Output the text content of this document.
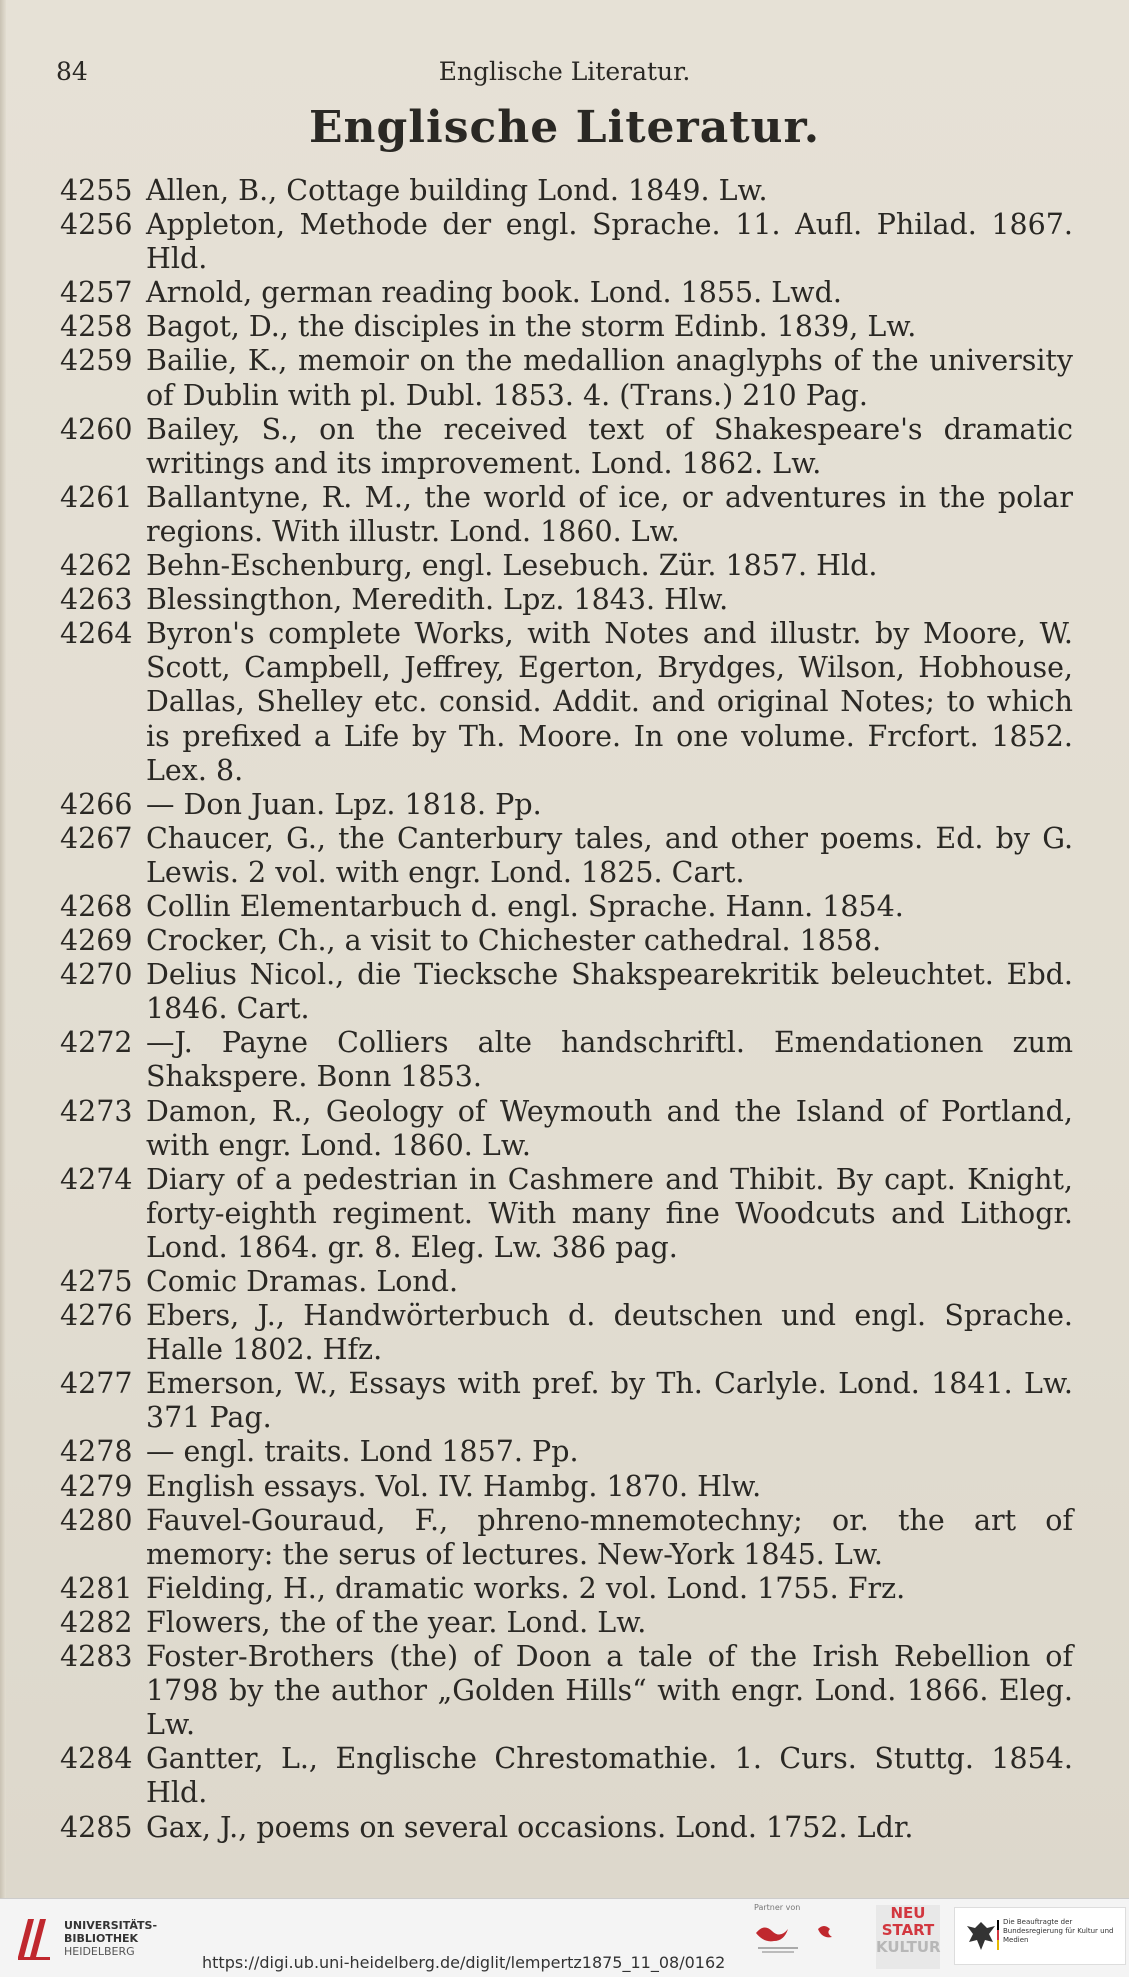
84	Englische Literatur.
Englische Literatur.
4255 Allen, B., Cottage building Lond. 1849. Lw.
4256 Appleton, Methode der engl. Sprache. 11. Aufl. Philad. 1867. Hld.
4257 Arnold, german reading book. Lond. 1855. Lwd.
4258 Bagot, D., the disciples in the storm Edinb. 1839, Lw.
4259 Bailie, K., memoir on the medallion anaglyphs of the university of Dublin with pl. Dubl. 1853. 4. (Trans.) 210 Pag.
4260 Bailey, S., on the received text of Shakespeare's dramatic writings and its improvement. Lond. 1862. Lw.
4261 Ballantyne, R. M., the world of ice, or adventures in the polar regions. With illustr. Lond. 1860. Lw.
4262 Behn-Eschenburg, engl. Lesebuch. Zür. 1857. Hld.
4263 Blessingthon, Meredith. Lpz. 1843. Hlw.
4264 Byron's complete Works, with Notes and illustr. by Moore, W. Scott, Campbell, Jeffrey, Egerton, Brydges, Wilson, Hobhouse, Dallas, Shelley etc. consid. Addit. and original Notes; to which is prefixed a Life by Th. Moore. In one volume. Frcfort. 1852. Lex. 8.
4266 — Don Juan. Lpz. 1818. Pp.
4267 Chaucer, G., the Canterbury tales, and other poems. Ed. by G. Lewis. 2 vol. with engr. Lond. 1825. Cart.
4268 Collin Elementarbuch d. engl. Sprache. Hann. 1854.
4269 Crocker, Ch., a visit to Chichester cathedral. 1858.
4270 Delius Nicol., die Tiecksche Shakspearekritik beleuchtet. Ebd. 1846. Cart.
4272 —J. Payne Colliers alte handschriftl. Emendationen zum Shakspere. Bonn 1853.
4273 Damon, R., Geology of Weymouth and the Island of Portland, with engr. Lond. 1860. Lw.
4274 Diary of a pedestrian in Cashmere and Thibit. By capt. Knight, forty-eighth regiment. With many fine Woodcuts and Lithogr. Lond. 1864. gr. 8. Eleg. Lw. 386 pag.
4275 Comic Dramas. Lond.
4276 Ebers, J., Handwörterbuch d. deutschen und engl. Sprache. Halle 1802. Hfz.
4277 Emerson, W., Essays with pref. by Th. Carlyle. Lond. 1841. Lw. 371 Pag.
4278 — engl. traits. Lond 1857. Pp.
4279 English essays. Vol. IV. Hambg. 1870. Hlw.
4280 Fauvel-Gouraud, F., phreno-mnemotechny; or. the art of memory: the serus of lectures. New-York 1845. Lw.
4281 Fielding, H., dramatic works. 2 vol. Lond. 1755. Frz.
4282 Flowers, the of the year. Lond. Lw.
4283 Foster-Brothers (the) of Doon a tale of the Irish Rebellion of 1798 by the author „Golden Hills“ with engr. Lond. 1866. Eleg. Lw.
4284 Gantter, L., Englische Chrestomathie. 1. Curs. Stuttg. 1854. Hld.
4285 Gax, J., poems on several occasions. Lond. 1752. Ldr.
UNIVERSITÄTS-
BIBLIOTHEK
HEIDELBERG
https://digi.ub.uni-heidelberg.de/diglit/lempertz1875_11_08/0162
Partner von	NEU
START
KULTUR
Die Beauftragte der Bundesregierung für Kultur und Medien
